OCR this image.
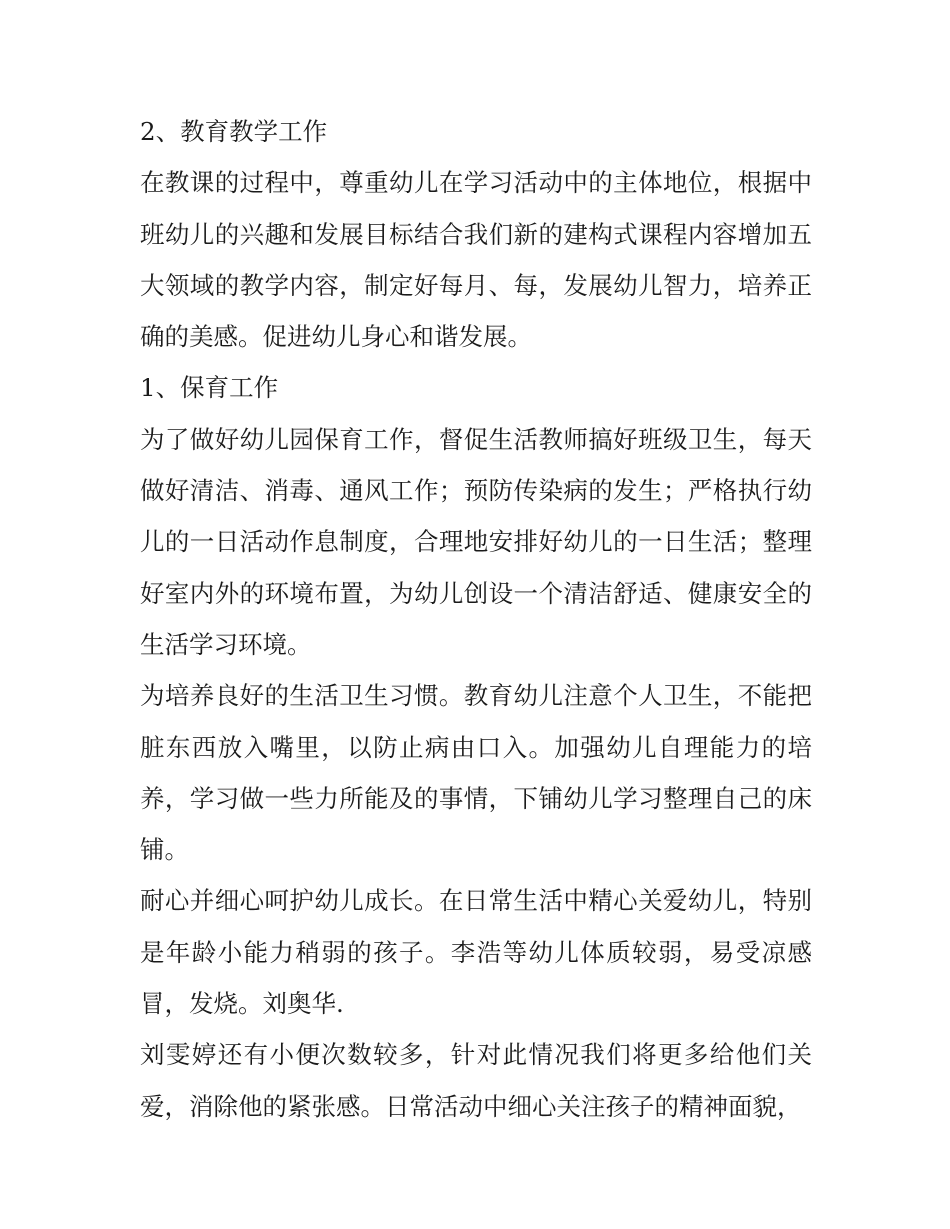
2、教育教学工作

在教课的过程中，尊重幼儿在学习活动中的主体地位，根据中班幼儿的兴趣和发展目标结合我们新的建构式课程内容增加五大领域的教学内容，制定好每月、每，发展幼儿智力，培养正确的美感。促进幼儿身心和谐发展。

1、保育工作

为了做好幼儿园保育工作，督促生活教师搞好班级卫生，每天做好清洁、消毒、通风工作；预防传染病的发生；严格执行幼儿的一日活动作息制度，合理地安排好幼儿的一日生活；整理好室内外的环境布置，为幼儿创设一个清洁舒适、健康安全的生活学习环境。

为培养良好的生活卫生习惯。教育幼儿注意个人卫生，不能把脏东西放入嘴里，以防止病由口入。加强幼儿自理能力的培养，学习做一些力所能及的事情，下铺幼儿学习整理自己的床铺。

耐心并细心呵护幼儿成长。在日常生活中精心关爱幼儿，特别是年龄小能力稍弱的孩子。李浩等幼儿体质较弱，易受凉感冒，发烧。刘奥华.

刘雯婷还有小便次数较多，针对此情况我们将更多给他们关爱，消除他的紧张感。日常活动中细心关注孩子的精神面貌，
